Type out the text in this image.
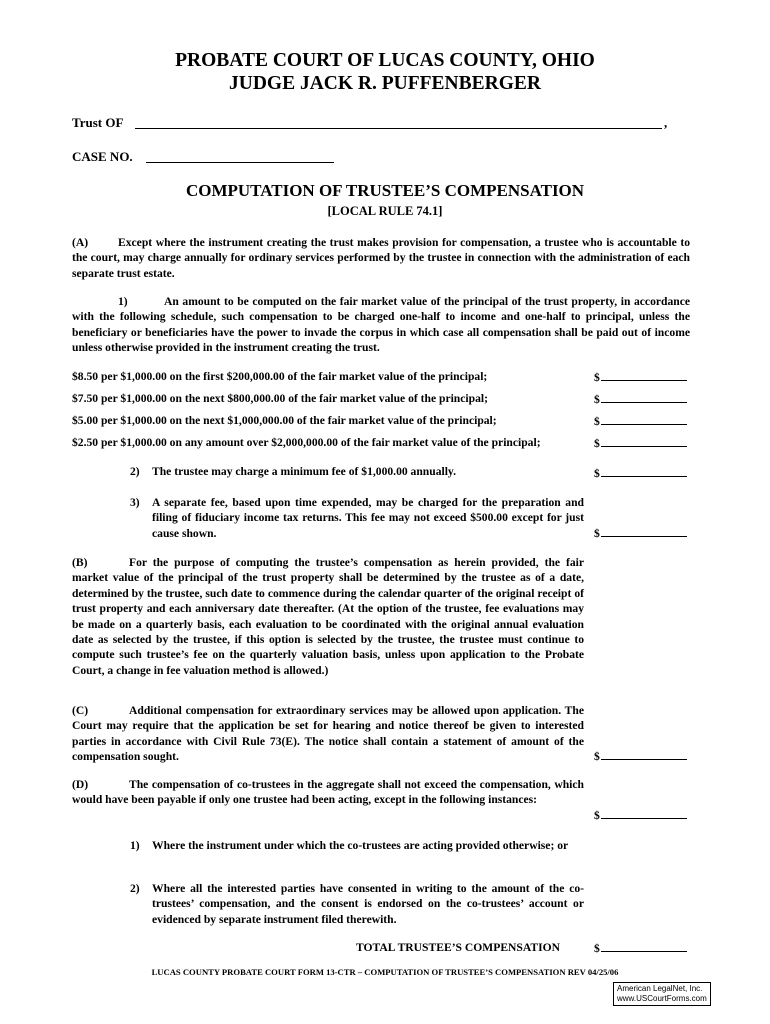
PROBATE COURT OF LUCAS COUNTY, OHIO
JUDGE JACK R. PUFFENBERGER
Trust OF	,
CASE NO.
COMPUTATION OF TRUSTEE’S COMPENSATION
[LOCAL RULE 74.1]
(A)	Except where the instrument creating the trust makes provision for compensation, a trustee who is accountable to the court, may charge annually for ordinary services performed by the trustee in connection with the administration of each separate trust estate.
1)	An amount to be computed on the fair market value of the principal of the trust property, in accordance with the following schedule, such compensation to be charged one-half to income and one-half to principal, unless the beneficiary or beneficiaries have the power to invade the corpus in which case all compensation shall be paid out of income unless otherwise provided in the instrument creating the trust.
$8.50 per $1,000.00 on the first $200,000.00 of the fair market value of the principal;	$
$7.50 per $1,000.00 on the next $800,000.00 of the fair market value of the principal;	$
$5.00 per $1,000.00 on the next $1,000,000.00 of the fair market value of the principal;	$
$2.50 per $1,000.00 on any amount over $2,000,000.00 of the fair market value of the principal;	$
2) The trustee may charge a minimum fee of $1,000.00 annually.	$
3) A separate fee, based upon time expended, may be charged for the preparation and filing of fiduciary income tax returns. This fee may not exceed $500.00 except for just cause shown.	$
(B)	For the purpose of computing the trustee’s compensation as herein provided, the fair market value of the principal of the trust property shall be determined by the trustee as of a date, determined by the trustee, such date to commence during the calendar quarter of the original receipt of trust property and each anniversary date thereafter. (At the option of the trustee, fee evaluations may be made on a quarterly basis, each evaluation to be coordinated with the original annual evaluation date as selected by the trustee, if this option is selected by the trustee, the trustee must continue to compute such trustee’s fee on the quarterly valuation basis, unless upon application to the Probate Court, a change in fee valuation method is allowed.)
(C)	Additional compensation for extraordinary services may be allowed upon application. The Court may require that the application be set for hearing and notice thereof be given to interested parties in accordance with Civil Rule 73(E). The notice shall contain a statement of amount of the compensation sought.	$
(D)	The compensation of co-trustees in the aggregate shall not exceed the compensation, which would have been payable if only one trustee had been acting, except in the following instances:
$
1) Where the instrument under which the co-trustees are acting provided otherwise; or
2) Where all the interested parties have consented in writing to the amount of the co-trustees’ compensation, and the consent is endorsed on the co-trustees’ account or evidenced by separate instrument filed therewith.
TOTAL TRUSTEE’S COMPENSATION	$
LUCAS COUNTY PROBATE COURT FORM 13-CTR – COMPUTATION OF TRUSTEE’S COMPENSATION REV 04/25/06
American LegalNet, Inc.
www.USCourtForms.com
